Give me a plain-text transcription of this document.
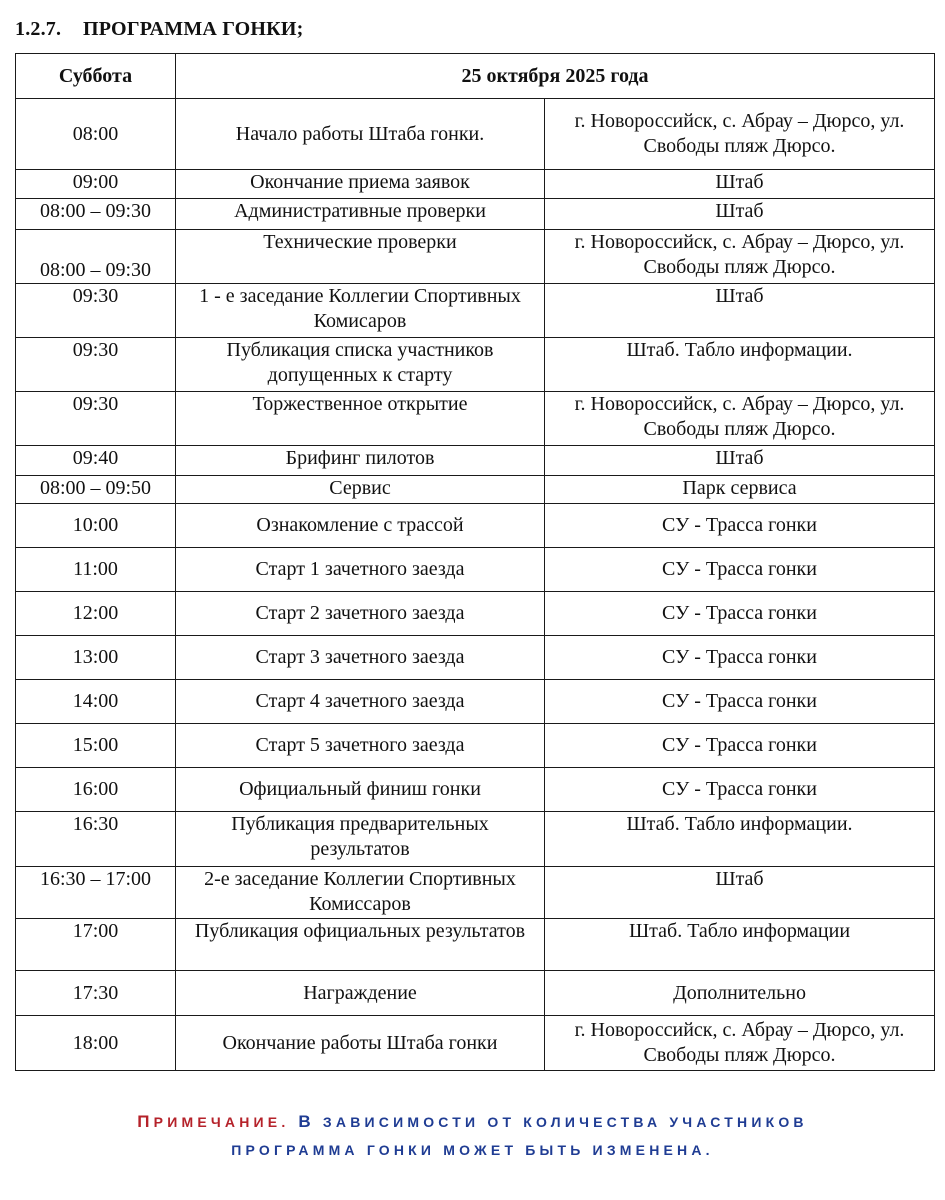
1.2.7. ПРОГРАММА ГОНКИ;
Суббота	25 октября 2025 года	
08:00	Начало работы Штаба гонки.	г. Новороссийск, с. Абрау – Дюрсо, ул. Свободы пляж Дюрсо.
09:00	Окончание приема заявок	Штаб
08:00 – 09:30	Административные проверки	Штаб
08:00 – 09:30	Технические проверки	г. Новороссийск, с. Абрау – Дюрсо, ул. Свободы пляж Дюрсо.
09:30	1 - е заседание Коллегии Спортивных Комисаров	Штаб
09:30	Публикация списка участников допущенных к старту	Штаб. Табло информации.
09:30	Торжественное открытие	г. Новороссийск, с. Абрау – Дюрсо, ул. Свободы пляж Дюрсо.
09:40	Брифинг пилотов	Штаб
08:00 – 09:50	Сервис	Парк сервиса
10:00	Ознакомление с трассой	СУ - Трасса гонки
11:00	Старт 1 зачетного заезда	СУ - Трасса гонки
12:00	Старт 2 зачетного заезда	СУ - Трасса гонки
13:00	Старт 3 зачетного заезда	СУ - Трасса гонки
14:00	Старт 4 зачетного заезда	СУ - Трасса гонки
15:00	Старт 5 зачетного заезда	СУ - Трасса гонки
16:00	Официальный финиш гонки	СУ - Трасса гонки
16:30	Публикация предварительных результатов	Штаб. Табло информации.
16:30 – 17:00	2-е заседание Коллегии Спортивных Комиссаров	Штаб
17:00	Публикация официальных результатов	Штаб. Табло информации
17:30	Награждение	Дополнительно
18:00	Окончание работы Штаба гонки	г. Новороссийск, с. Абрау – Дюрсо, ул. Свободы пляж Дюрсо.
ПРИМЕЧАНИЕ. В ЗАВИСИМОСТИ ОТ КОЛИЧЕСТВА УЧАСТНИКОВ
ПРОГРАММА ГОНКИ МОЖЕТ БЫТЬ ИЗМЕНЕНА.
